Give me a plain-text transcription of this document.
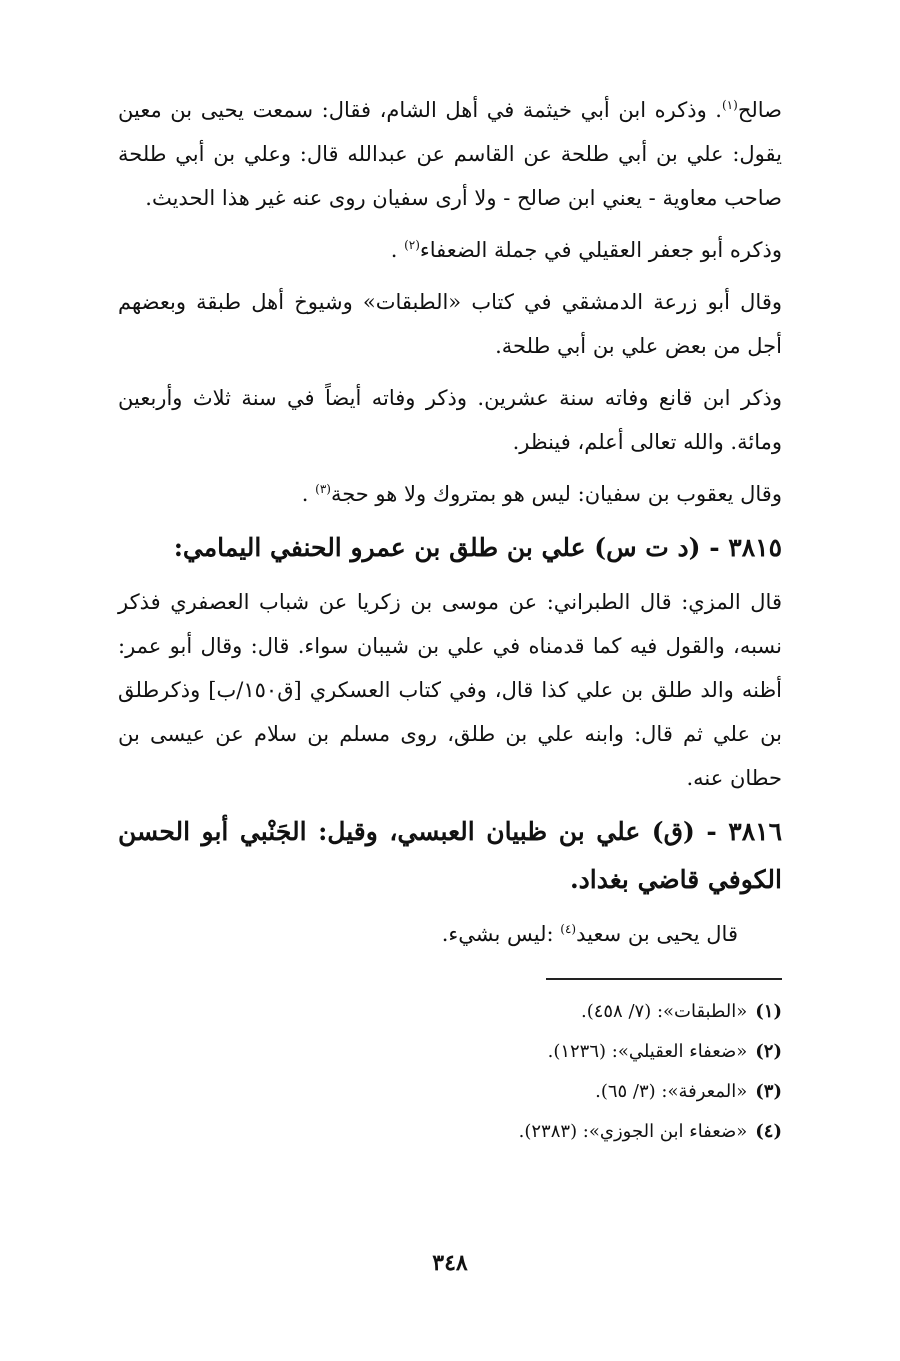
صالح$^{(١)}$. وذكره ابن أبي خيثمة في أهل الشام، فقال: سمعت يحيى بن معين يقول: علي بن أبي طلحة عن القاسم عن عبدالله قال: وعلي بن أبي طلحة صاحب معاوية - يعني ابن صالح - ولا أرى سفيان روى عنه غير هذا الحديث.

وذكره أبو جعفر العقيلي في جملة الضعفاء$^{(٢)}$ .

وقال أبو زرعة الدمشقي في كتاب «الطبقات» وشيوخ أهل طبقة وبعضهم أجل من بعض علي بن أبي طلحة.

وذكر ابن قانع وفاته سنة عشرين. وذكر وفاته أيضاً في سنة ثلاث وأربعين ومائة. والله تعالى أعلم، فينظر.

وقال يعقوب بن سفيان: ليس هو بمتروك ولا هو حجة$^{(٣)}$ .

٣٨١٥ - (د ت س) علي بن طلق بن عمرو الحنفي اليمامي:

قال المزي: قال الطبراني: عن موسى بن زكريا عن شباب العصفري فذكر نسبه، والقول فيه كما قدمناه في علي بن شيبان سواء. قال: وقال أبو عمر: أظنه والد طلق بن علي كذا قال، وفي كتاب العسكري [ق١٥٠/ب] وذكرطلق بن علي ثم قال: وابنه علي بن طلق، روى مسلم بن سلام عن عيسى بن حطان عنه.

٣٨١٦ - (ق) علي بن ظبيان العبسي، وقيل: الجَنْبي أبو الحسن الكوفي قاضي بغداد.

قال يحيى بن سعيد$^{(٤)}$ :ليس بشيء.

(١)«الطبقات»: (٧/ ٤٥٨).
(٢)«ضعفاء العقيلي»: (١٢٣٦).
(٣)«المعرفة»: (٣/ ٦٥).
(٤)«ضعفاء ابن الجوزي»: (٢٣٨٣).
٣٤٨
